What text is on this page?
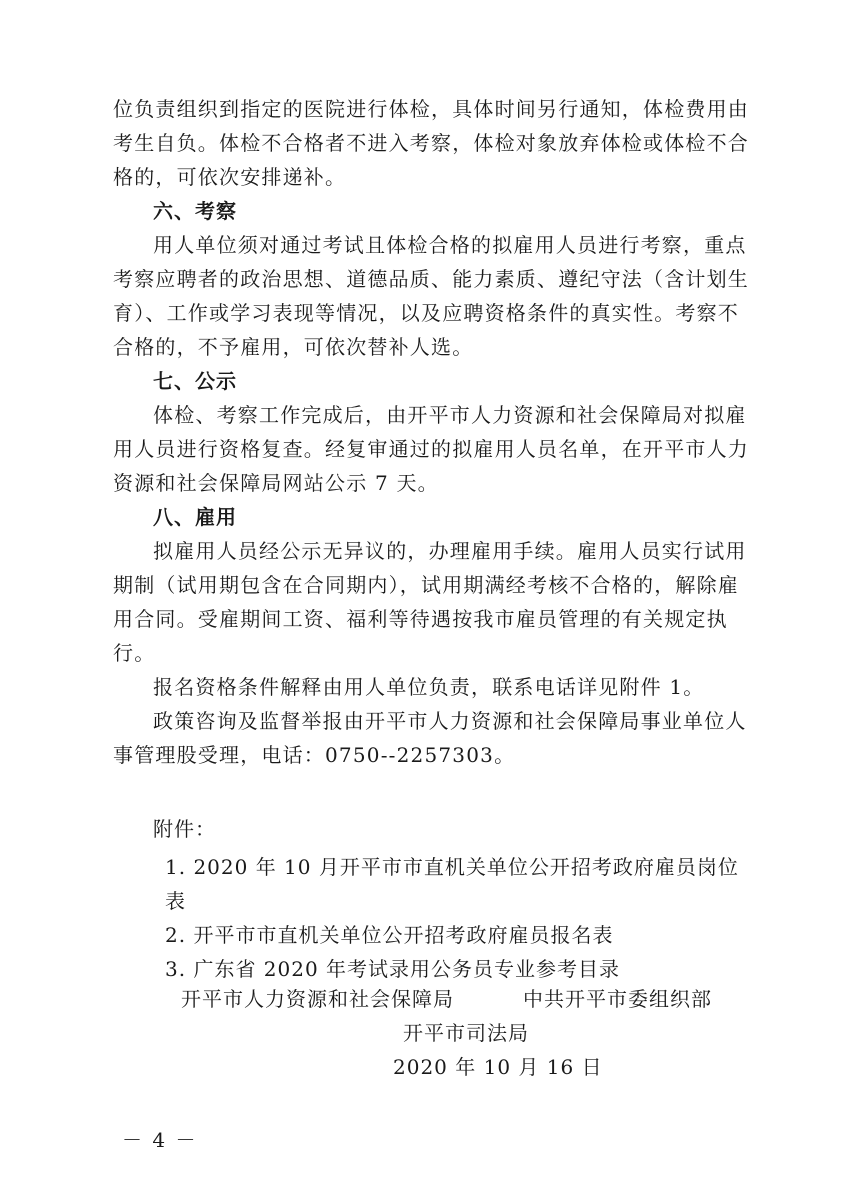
位负责组织到指定的医院进行体检，具体时间另行通知，体检费用由考生自负。体检不合格者不进入考察，体检对象放弃体检或体检不合格的，可依次安排递补。

六、考察

用人单位须对通过考试且体检合格的拟雇用人员进行考察，重点考察应聘者的政治思想、道德品质、能力素质、遵纪守法（含计划生育）、工作或学习表现等情况，以及应聘资格条件的真实性。考察不合格的，不予雇用，可依次替补人选。

七、公示

体检、考察工作完成后，由开平市人力资源和社会保障局对拟雇用人员进行资格复查。经复审通过的拟雇用人员名单，在开平市人力资源和社会保障局网站公示 7 天。

八、雇用

拟雇用人员经公示无异议的，办理雇用手续。雇用人员实行试用期制（试用期包含在合同期内），试用期满经考核不合格的，解除雇用合同。受雇期间工资、福利等待遇按我市雇员管理的有关规定执行。

报名资格条件解释由用人单位负责，联系电话详见附件 1。

政策咨询及监督举报由开平市人力资源和社会保障局事业单位人事管理股受理，电话：0750--2257303。

附件：

1. 2020 年 10 月开平市市直机关单位公开招考政府雇员岗位表

2. 开平市市直机关单位公开招考政府雇员报名表

3. 广东省 2020 年考试录用公务员专业参考目录

开平市人力资源和社会保障局	中共开平市委组织部
开平市司法局
2020 年 10 月 16 日
－ 4 －
